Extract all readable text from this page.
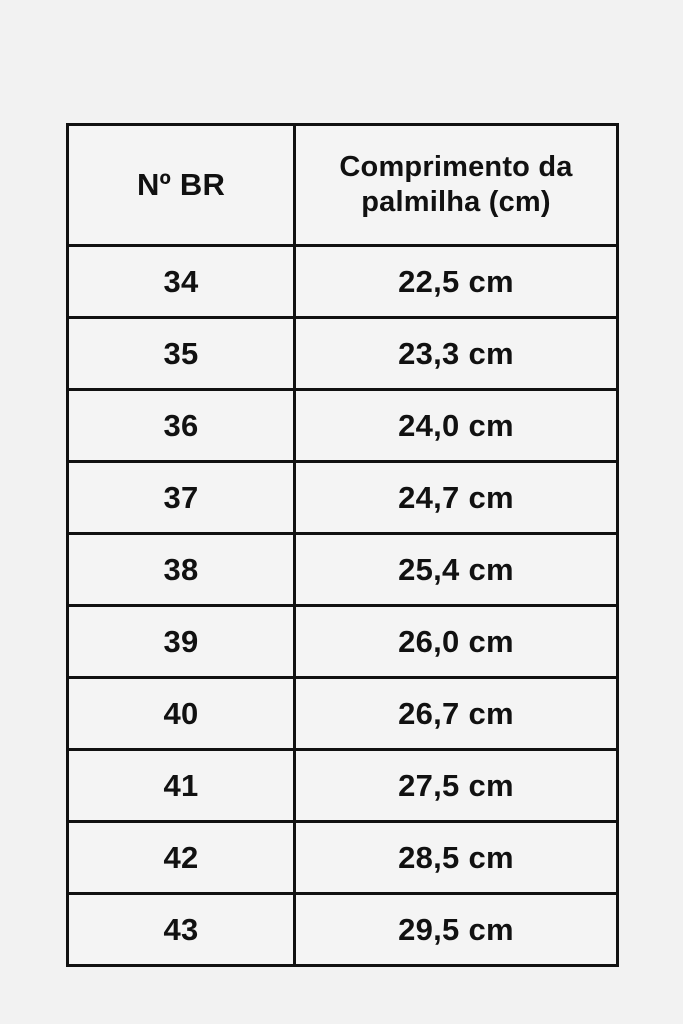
Nº BR	Comprimento da palmilha (cm)
34	22,5 cm
35	23,3 cm
36	24,0 cm
37	24,7 cm
38	25,4 cm
39	26,0 cm
40	26,7 cm
41	27,5 cm
42	28,5 cm
43	29,5 cm
